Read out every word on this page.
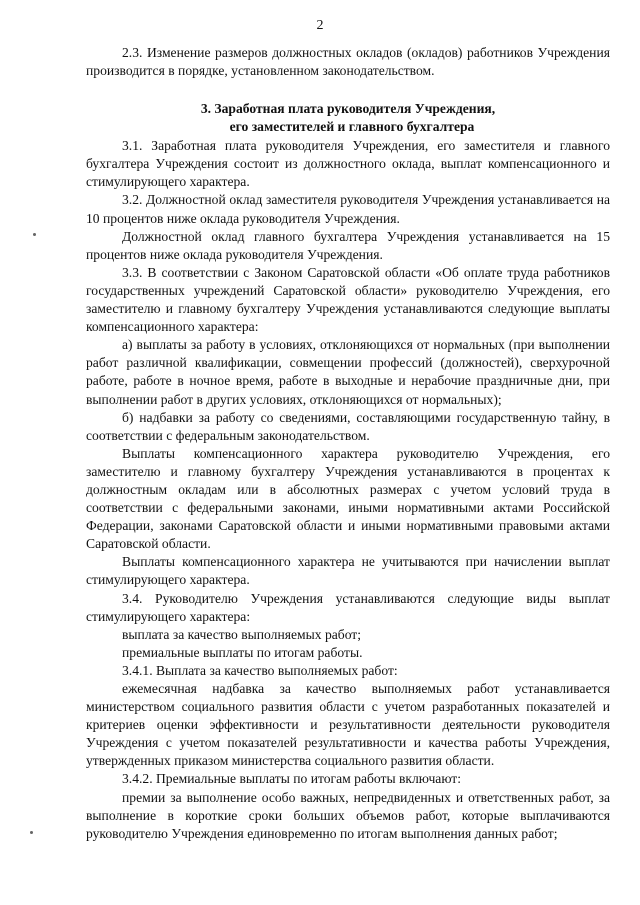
2

2.3. Изменение размеров должностных окладов (окладов) работников Учреждения производится в порядке, установленном законодательством.

3. Заработная плата руководителя Учреждения,
его заместителей и главного бухгалтера

3.1. Заработная плата руководителя Учреждения, его заместителя и главного бухгалтера Учреждения состоит из должностного оклада, выплат компенсационного и стимулирующего характера.

3.2. Должностной оклад заместителя руководителя Учреждения устанавливается на 10 процентов ниже оклада руководителя Учреждения.

Должностной оклад главного бухгалтера Учреждения устанавливается на 15 процентов ниже оклада руководителя Учреждения.

3.3. В соответствии с Законом Саратовской области «Об оплате труда работников государственных учреждений Саратовской области» руководителю Учреждения, его заместителю и главному бухгалтеру Учреждения устанавливаются следующие выплаты компенсационного характера:

а) выплаты за работу в условиях, отклоняющихся от нормальных (при выполнении работ различной квалификации, совмещении профессий (должностей), сверхурочной работе, работе в ночное время, работе в выходные и нерабочие праздничные дни, при выполнении работ в других условиях, отклоняющихся от нормальных);

б) надбавки за работу со сведениями, составляющими государственную тайну, в соответствии с федеральным законодательством.

Выплаты компенсационного характера руководителю Учреждения, его заместителю и главному бухгалтеру Учреждения устанавливаются в процентах к должностным окладам или в абсолютных размерах с учетом условий труда в соответствии с федеральными законами, иными нормативными актами Российской Федерации, законами Саратовской области и иными нормативными правовыми актами Саратовской области.

Выплаты компенсационного характера не учитываются при начислении выплат стимулирующего характера.

3.4. Руководителю Учреждения устанавливаются следующие виды выплат стимулирующего характера:

выплата за качество выполняемых работ;

премиальные выплаты по итогам работы.

3.4.1. Выплата за качество выполняемых работ:

ежемесячная надбавка за качество выполняемых работ устанавливается министерством социального развития области с учетом разработанных показателей и критериев оценки эффективности и результативности деятельности руководителя Учреждения с учетом показателей результативности и качества работы Учреждения, утвержденных приказом министерства социального развития области.

3.4.2. Премиальные выплаты по итогам работы включают:

премии за выполнение особо важных, непредвиденных и ответственных работ, за выполнение в короткие сроки больших объемов работ, которые выплачиваются руководителю Учреждения единовременно по итогам выполнения данных работ;
